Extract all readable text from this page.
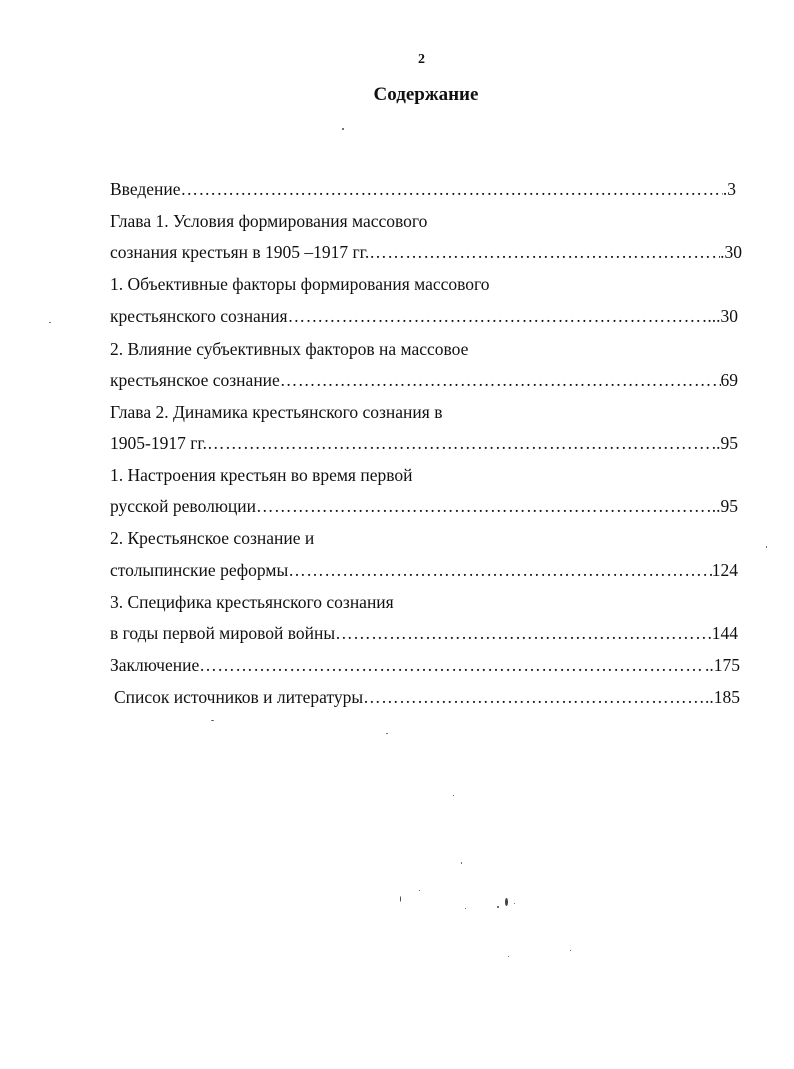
2
Содержание
Введение …………………………………………………………………………………………………………………………………………………………………………………………………	.3
Глава 1. Условия формирования массового
сознания крестьян в 1905 –1917 гг. …………………………………………………………………………………………………………………………………………………………………………………………………	.30
1. Объективные факторы формирования массового
крестьянского сознания …………………………………………………………………………………………………………………………………………………………………………………………………	...30
2. Влияние субъективных факторов на массовое
крестьянское сознание …………………………………………………………………………………………………………………………………………………………………………………………………	69
Глава 2. Динамика крестьянского сознания в
1905-1917 гг. …………………………………………………………………………………………………………………………………………………………………………………………………	.95
1. Настроения крестьян во время первой
русской революции …………………………………………………………………………………………………………………………………………………………………………………………………	..95
2. Крестьянское сознание и
столыпинские реформы …………………………………………………………………………………………………………………………………………………………………………………………………	124
3. Специфика крестьянского сознания
в годы первой мировой войны …………………………………………………………………………………………………………………………………………………………………………………………………	144
Заключение …………………………………………………………………………………………………………………………………………………………………………………………………	..175
Список источников и литературы …………………………………………………………………………………………………………………………………………………………………………………………………	..185
